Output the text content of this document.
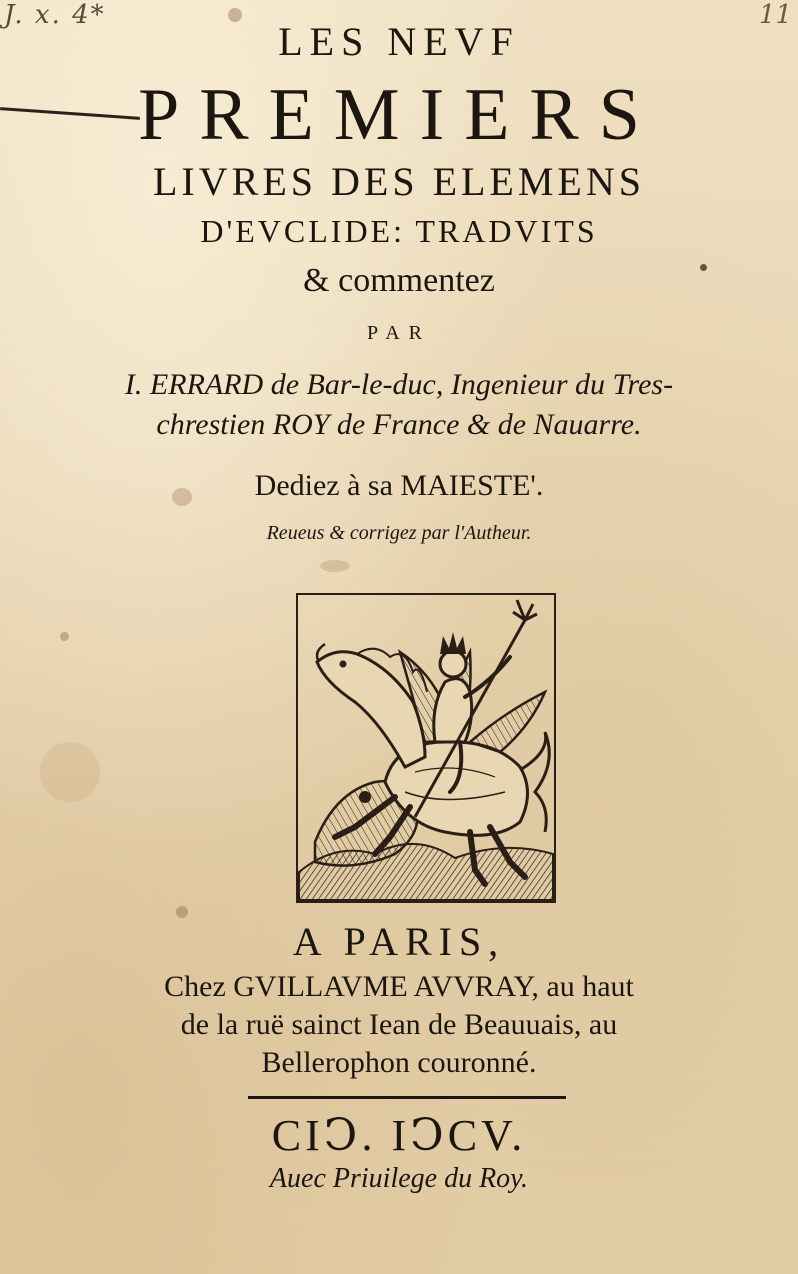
J. x. 4*	11
LES NEVF
PREMIERS
LIVRES DES ELEMENS
D'EVCLIDE: TRADVITS
& commentez
PAR
I. ERRARD de Bar-le-duc, Ingenieur du Tres-
chrestien ROY de France & de Nauarre.
Dediez à sa MAIESTE'.
Reueus & corrigez par l'Autheur.
A PARIS,
Chez GVILLAVME AVVRAY, au haut
de la ruë sainct Iean de Beauuais, au
Bellerophon couronné.
CIↃ. IↃCV.
Auec Priuilege du Roy.
